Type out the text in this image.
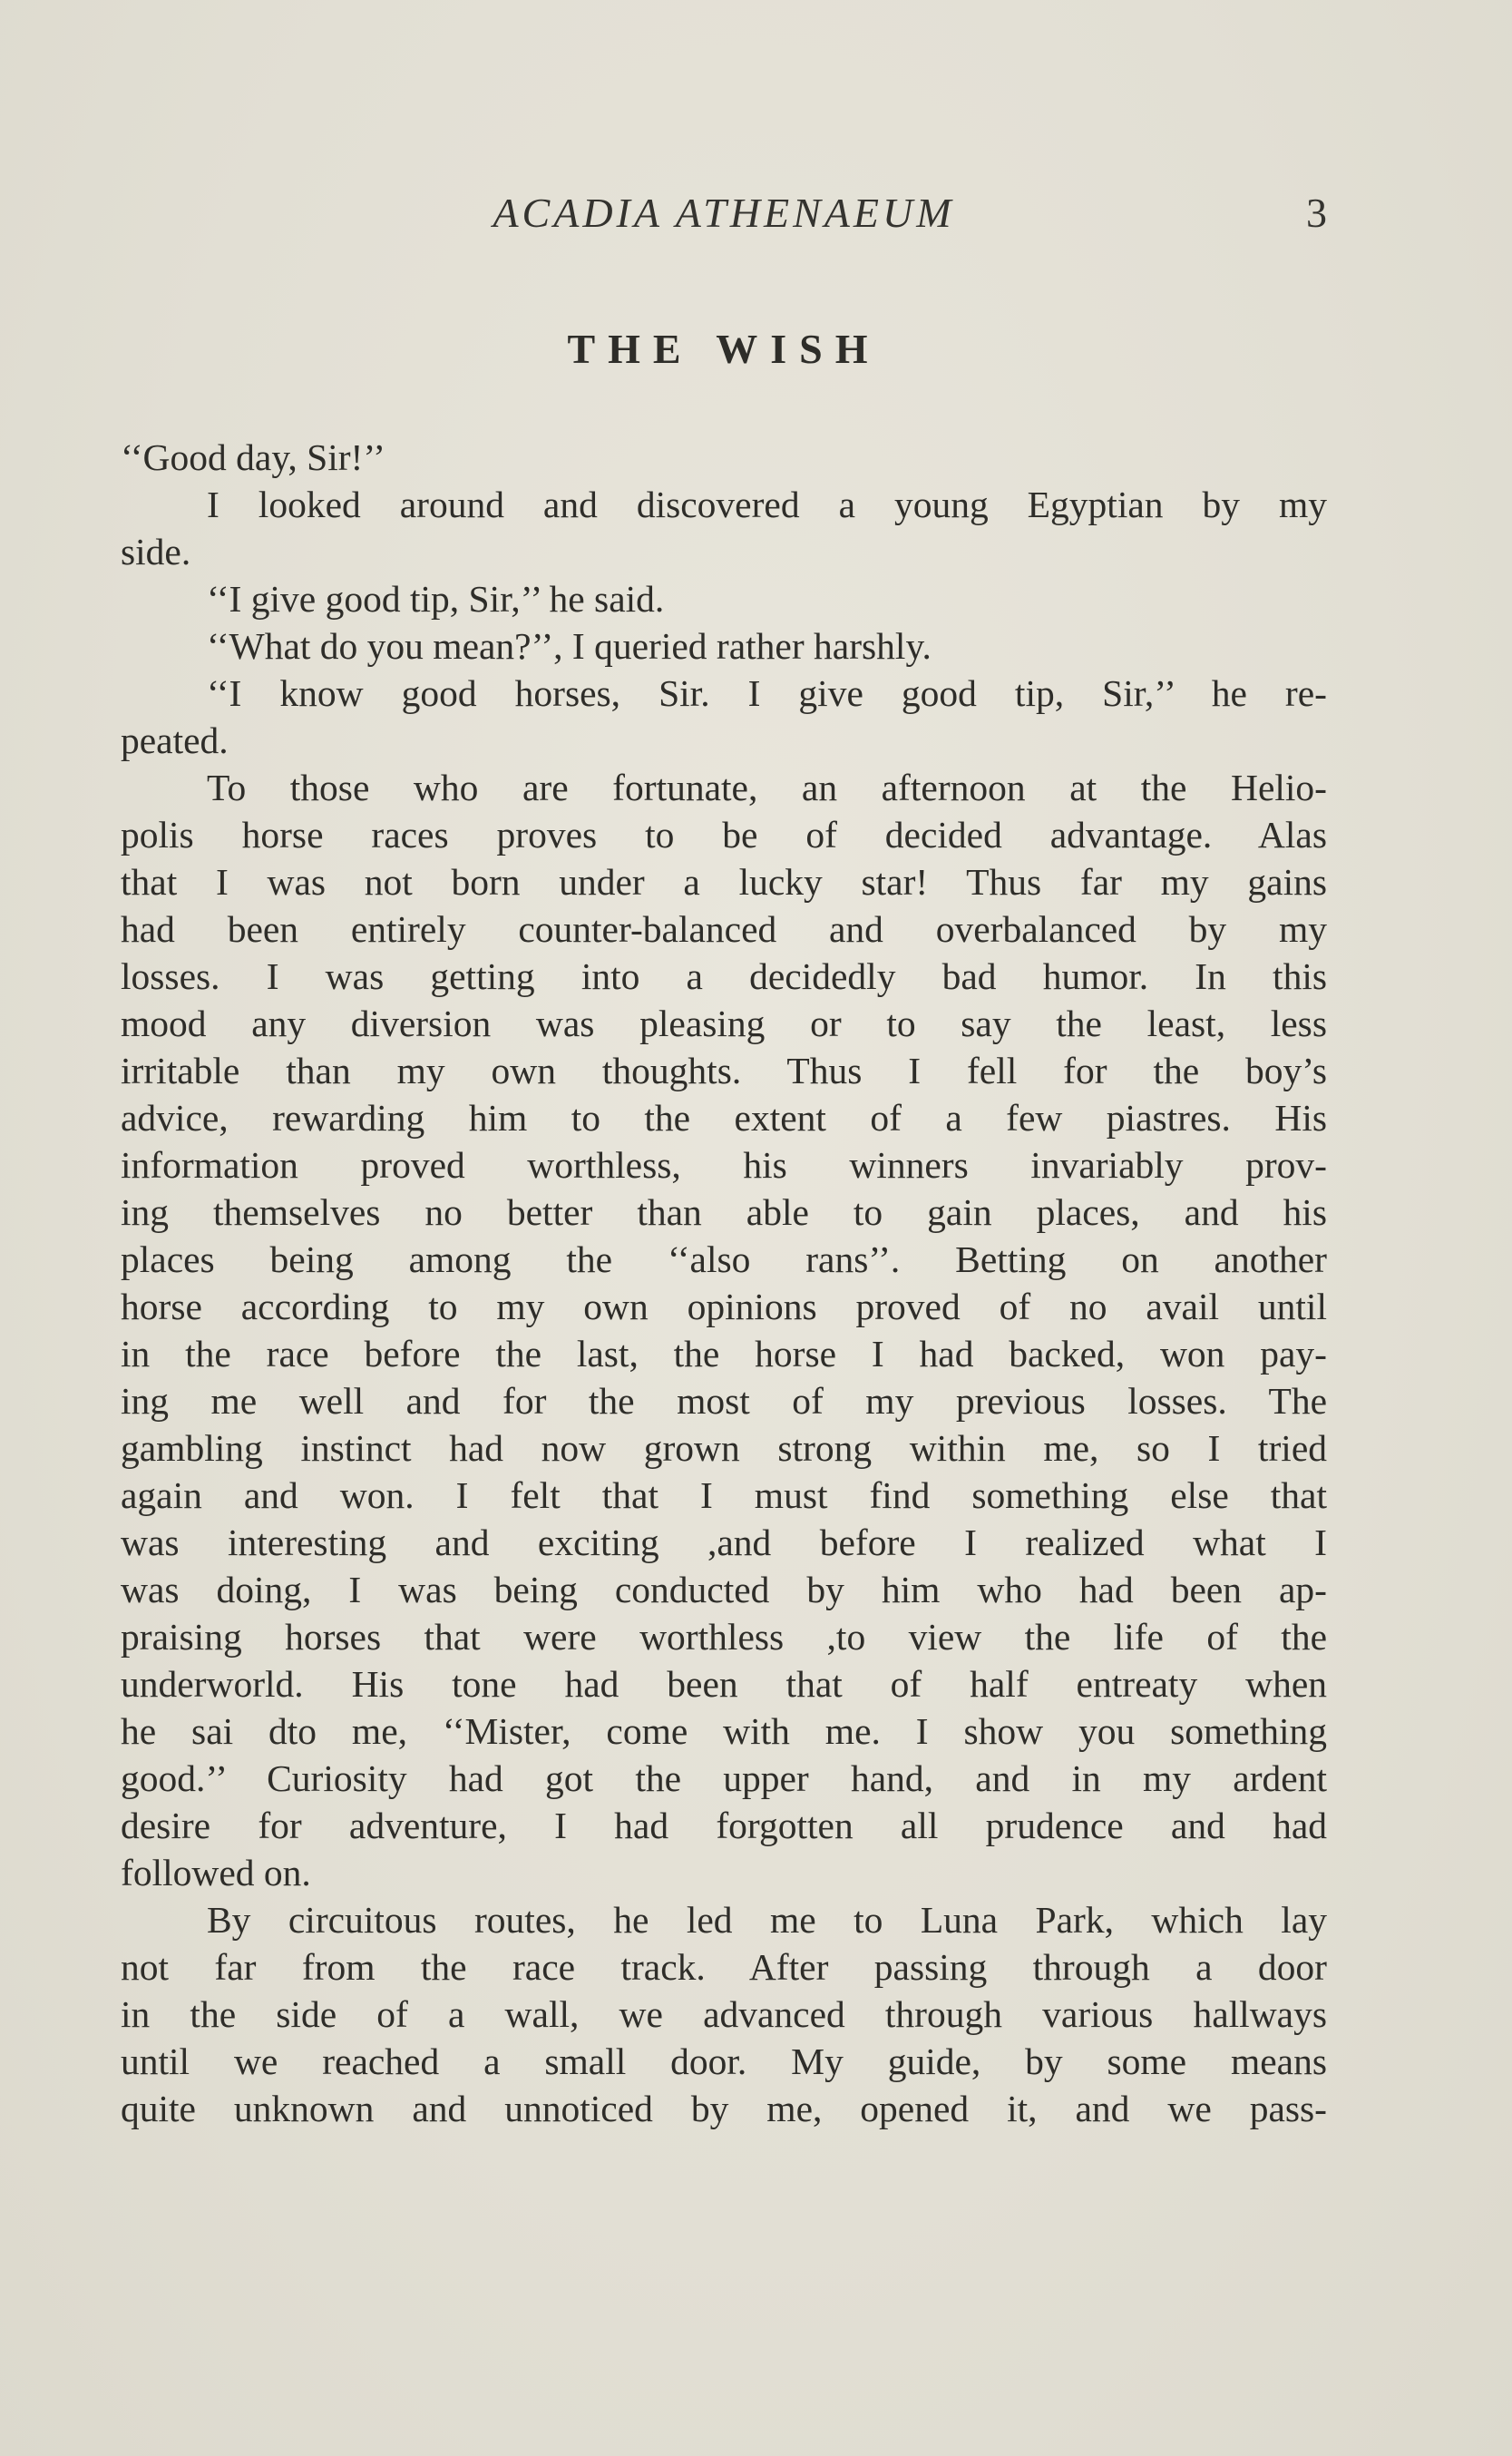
ACADIA ATHENAEUM	3
THE WISH
‘‘Good day, Sir!’’
I looked around and discovered a young Egyptian by my
side.
‘‘I give good tip, Sir,’’ he said.
‘‘What do you mean?’’, I queried rather harshly.
‘‘I know good horses, Sir. I give good tip, Sir,’’ he re-
peated.
To those who are fortunate, an afternoon at the Helio-
polis horse races proves to be of decided advantage. Alas
that I was not born under a lucky star! Thus far my gains
had been entirely counter-balanced and overbalanced by my
losses. I was getting into a decidedly bad humor. In this
mood any diversion was pleasing or to say the least, less
irritable than my own thoughts. Thus I fell for the boy’s
advice, rewarding him to the extent of a few piastres. His
information proved worthless, his winners invariably prov-
ing themselves no better than able to gain places, and his
places being among the ‘‘also rans’’. Betting on another
horse according to my own opinions proved of no avail until
in the race before the last, the horse I had backed, won pay-
ing me well and for the most of my previous losses. The
gambling instinct had now grown strong within me, so I tried
again and won. I felt that I must find something else that
was interesting and exciting ,and before I realized what I
was doing, I was being conducted by him who had been ap-
praising horses that were worthless ,to view the life of the
underworld. His tone had been that of half entreaty when
he sai dto me, ‘‘Mister, come with me. I show you something
good.’’ Curiosity had got the upper hand, and in my ardent
desire for adventure, I had forgotten all prudence and had
followed on.
By circuitous routes, he led me to Luna Park, which lay
not far from the race track. After passing through a door
in the side of a wall, we advanced through various hallways
until we reached a small door. My guide, by some means
quite unknown and unnoticed by me, opened it, and we pass-
